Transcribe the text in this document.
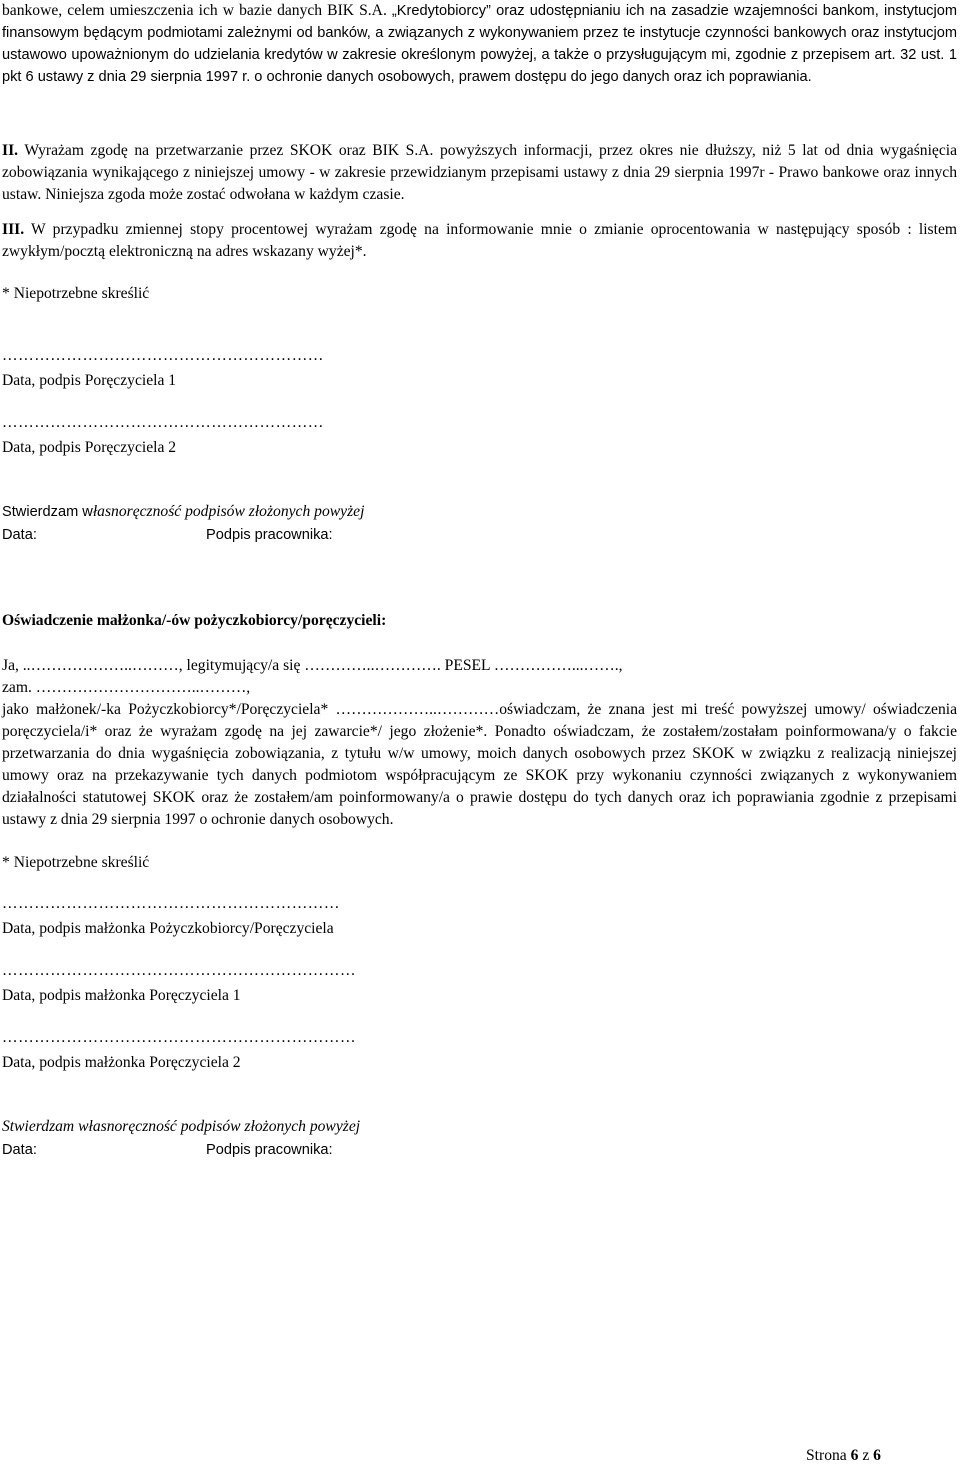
bankowe, celem umieszczenia ich w bazie danych BIK S.A. „Kredytobiorcy” oraz udostępnianiu ich na zasadzie wzajemności bankom, instytucjom finansowym będącym podmiotami zależnymi od banków, a związanych z wykonywaniem przez te instytucje czynności bankowych oraz instytucjom ustawowo upoważnionym do udzielania kredytów w zakresie określonym powyżej, a także o przysługującym mi, zgodnie z przepisem art. 32 ust. 1 pkt 6 ustawy z dnia 29 sierpnia 1997 r. o ochronie danych osobowych, prawem dostępu do jego danych oraz ich poprawiania.

II. Wyrażam zgodę na przetwarzanie przez SKOK oraz BIK S.A. powyższych informacji, przez okres nie dłuższy, niż 5 lat od dnia wygaśnięcia zobowiązania wynikającego z niniejszej umowy - w zakresie przewidzianym przepisami ustawy z dnia 29 sierpnia 1997r - Prawo bankowe oraz innych ustaw. Niniejsza zgoda może zostać odwołana w każdym czasie.

III. W przypadku zmiennej stopy procentowej wyrażam zgodę na informowanie mnie o zmianie oprocentowania w następujący sposób : listem zwykłym/pocztą elektroniczną na adres wskazany wyżej*.

* Niepotrzebne skreślić
……………………………………………………
Data, podpis Poręczyciela 1
……………………………………………………
Data, podpis Poręczyciela 2
Stwierdzam własnoręczność podpisów złożonych powyżej
Data:	Podpis pracownika:
Oświadczenie małżonka/-ów pożyczkobiorcy/poręczycieli:
Ja, ..………………..………, legitymujący/a się …………..…………. PESEL ……………...…….,
zam. …………………………..………,

jako małżonek/-ka Pożyczkobiorcy*/Poręczyciela* ………………..…………oświadczam, że znana jest mi treść powyższej umowy/ oświadczenia poręczyciela/i* oraz że wyrażam zgodę na jej zawarcie*/ jego złożenie*. Ponadto oświadczam, że zostałem/zostałam poinformowana/y o fakcie przetwarzania do dnia wygaśnięcia zobowiązania, z tytułu w/w umowy, moich danych osobowych przez SKOK w związku z realizacją niniejszej umowy oraz na przekazywanie tych danych podmiotom współpracującym ze SKOK przy wykonaniu czynności związanych z wykonywaniem działalności statutowej SKOK oraz że zostałem/am poinformowany/a o prawie dostępu do tych danych oraz ich poprawiania zgodnie z przepisami ustawy z dnia 29 sierpnia 1997 o ochronie danych osobowych.

* Niepotrzebne skreślić
………………………………………………………
Data, podpis małżonka Pożyczkobiorcy/Poręczyciela
…………………………………………………………
Data, podpis małżonka Poręczyciela 1
…………………………………………………………
Data, podpis małżonka Poręczyciela 2
Stwierdzam własnoręczność podpisów złożonych powyżej
Data:	Podpis pracownika:
Strona 6 z 6
